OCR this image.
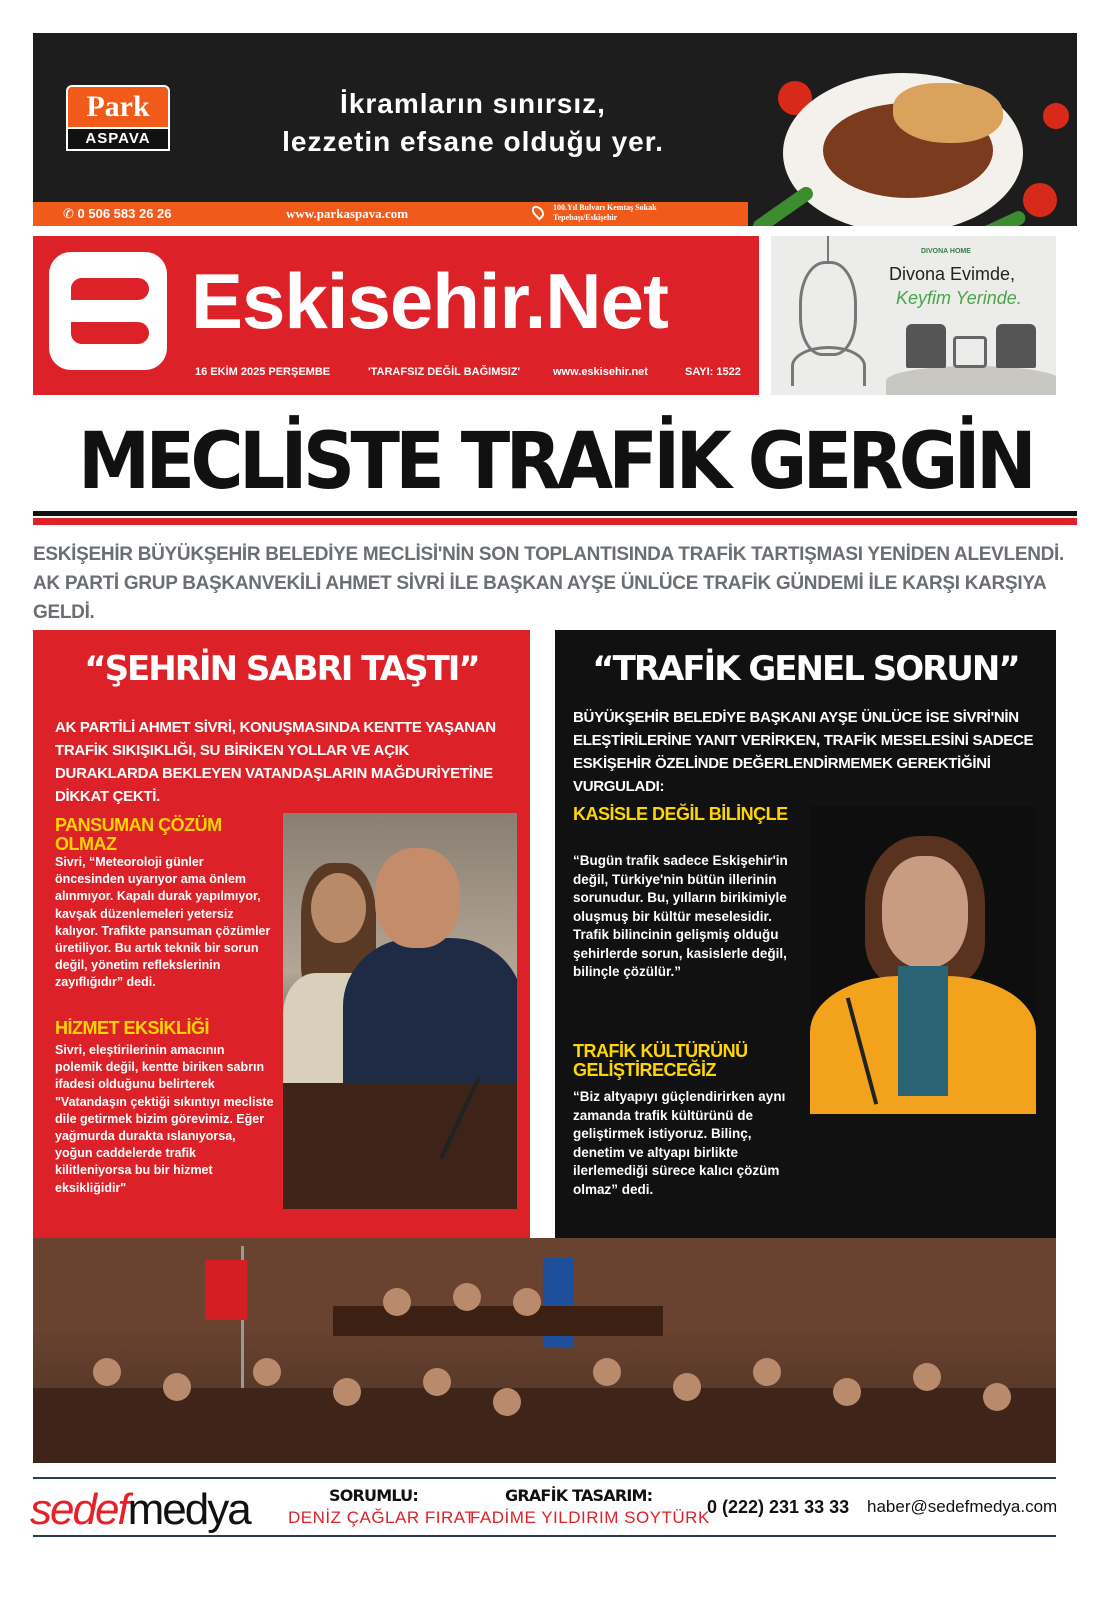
Park
ASPAVA
İkramların sınırsız,
lezzetin efsane olduğu yer.
✆ 0 506 583 26 26	www.parkaspava.com	100.Yıl Bulvarı Kemtaş Sokak
Tepebaşı/Eskişehir
Eskisehir.Net
16 EKİM 2025 PERŞEMBE	'TARAFSIZ DEĞİL BAĞIMSIZ'	www.eskisehir.net	SAYI: 1522
DIVONA HOME
Divona Evimde,
Keyfim Yerinde.
MECLİSTE TRAFİK GERGİN

ESKİŞEHİR BÜYÜKŞEHİR BELEDİYE MECLİSİ'NİN SON TOPLANTISINDA TRAFİK TARTIŞMASI YENİDEN ALEVLENDİ. AK PARTİ GRUP BAŞKANVEKİLİ AHMET SİVRİ İLE BAŞKAN AYŞE ÜNLÜCE TRAFİK GÜNDEMİ İLE KARŞI KARŞIYA GELDİ.

“ŞEHRİN SABRI TAŞTI”

AK PARTİLİ AHMET SİVRİ, KONUŞMASINDA KENTTE YAŞANAN TRAFİK SIKIŞIKLIĞI, SU BİRİKEN YOLLAR VE AÇIK DURAKLARDA BEKLEYEN VATANDAŞLARIN MAĞDURİYETİNE DİKKAT ÇEKTİ.

PANSUMAN ÇÖZÜM OLMAZ

Sivri, “Meteoroloji günler öncesinden uyarıyor ama önlem alınmıyor. Kapalı durak yapılmıyor, kavşak düzenlemeleri yetersiz kalıyor. Trafikte pansuman çözümler üretiliyor. Bu artık teknik bir sorun değil, yönetim reflekslerinin zayıflığıdır” dedi.

HİZMET EKSİKLİĞİ

Sivri, eleştirilerinin amacının polemik değil, kentte biriken sabrın ifadesi olduğunu belirterek "Vatandaşın çektiği sıkıntıyı mecliste dile getirmek bizim görevimiz. Eğer yağmurda durakta ıslanıyorsa, yoğun caddelerde trafik kilitleniyorsa bu bir hizmet eksikliğidir"

“TRAFİK GENEL SORUN”

BÜYÜKŞEHİR BELEDİYE BAŞKANI AYŞE ÜNLÜCE İSE SİVRİ'NİN ELEŞTİRİLERİNE YANIT VERİRKEN, TRAFİK MESELESİNİ SADECE ESKİŞEHİR ÖZELİNDE DEĞERLENDİRMEMEK GEREKTİĞİNİ VURGULADI:

KASİSLE DEĞİL BİLİNÇLE

“Bugün trafik sadece Eskişehir'in değil, Türkiye'nin bütün illerinin sorunudur. Bu, yılların birikimiyle oluşmuş bir kültür meselesidir. Trafik bilincinin gelişmiş olduğu şehirlerde sorun, kasislerle değil, bilinçle çözülür.”

TRAFİK KÜLTÜRÜNÜ GELİŞTİRECEĞİZ

“Biz altyapıyı güçlendirirken aynı zamanda trafik kültürünü de geliştirmek istiyoruz. Bilinç, denetim ve altyapı birlikte ilerlemediği sürece kalıcı çözüm olmaz” dedi.

sedefmedya	SORUMLU:
DENİZ ÇAĞLAR FIRAT
GRAFİK TASARIM:
FADİME YILDIRIM SOYTÜRK
0 (222) 231 33 33 haber@sedefmedya.com
